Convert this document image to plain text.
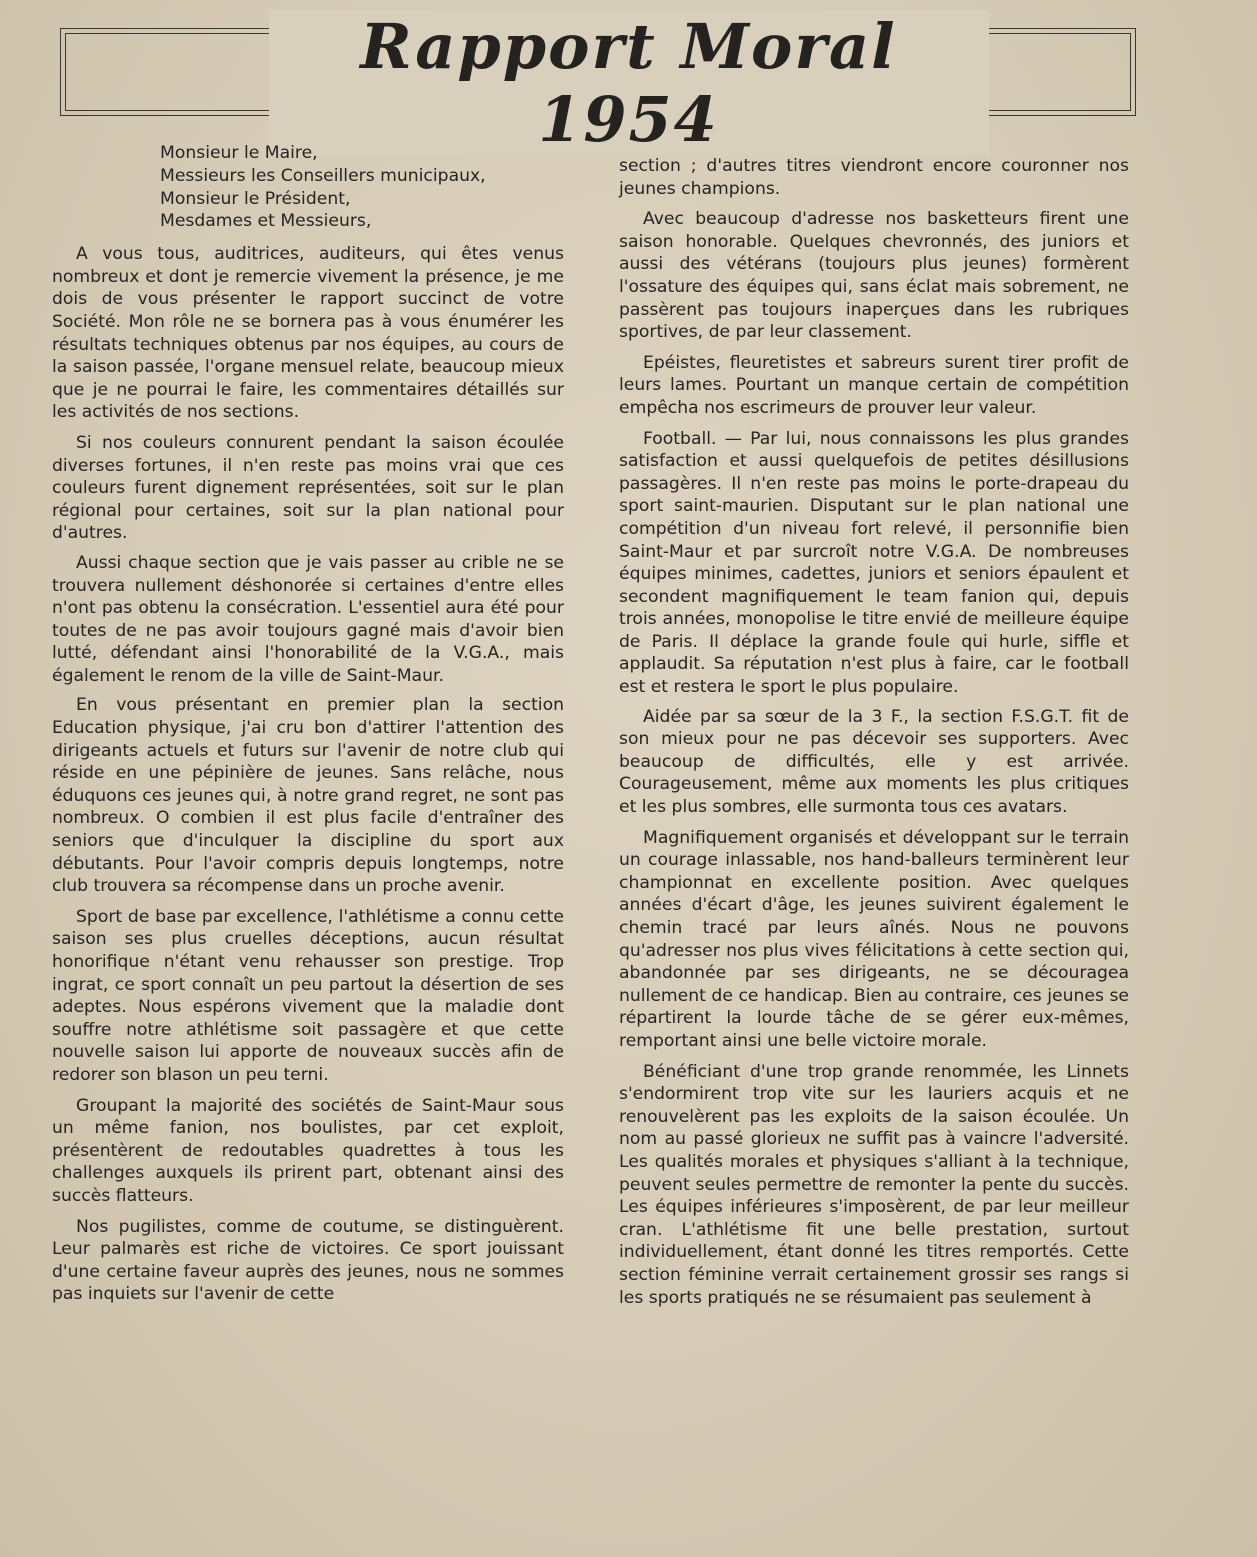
Rapport Moral 1954
Monsieur le Maire,
Messieurs les Conseillers municipaux,
Monsieur le Président,
Mesdames et Messieurs,

A vous tous, auditrices, auditeurs, qui êtes venus nombreux et dont je remercie vivement la présence, je me dois de vous présenter le rapport succinct de votre Société. Mon rôle ne se bornera pas à vous énumérer les résultats techniques obtenus par nos équipes, au cours de la saison passée, l'organe mensuel relate, beaucoup mieux que je ne pourrai le faire, les commentaires détaillés sur les activités de nos sections.

Si nos couleurs connurent pendant la saison écoulée diverses fortunes, il n'en reste pas moins vrai que ces couleurs furent dignement représentées, soit sur le plan régional pour certaines, soit sur la plan national pour d'autres.

Aussi chaque section que je vais passer au crible ne se trouvera nullement déshonorée si certaines d'entre elles n'ont pas obtenu la consécration. L'essentiel aura été pour toutes de ne pas avoir toujours gagné mais d'avoir bien lutté, défendant ainsi l'honorabilité de la V.G.A., mais également le renom de la ville de Saint-Maur.

En vous présentant en premier plan la section Education physique, j'ai cru bon d'attirer l'attention des dirigeants actuels et futurs sur l'avenir de notre club qui réside en une pépinière de jeunes. Sans relâche, nous éduquons ces jeunes qui, à notre grand regret, ne sont pas nombreux. O combien il est plus facile d'entraîner des seniors que d'inculquer la discipline du sport aux débutants. Pour l'avoir compris depuis longtemps, notre club trouvera sa récompense dans un proche avenir.

Sport de base par excellence, l'athlétisme a connu cette saison ses plus cruelles déceptions, aucun résultat honorifique n'étant venu rehausser son prestige. Trop ingrat, ce sport connaît un peu partout la désertion de ses adeptes. Nous espérons vivement que la maladie dont souffre notre athlétisme soit passagère et que cette nouvelle saison lui apporte de nouveaux succès afin de redorer son blason un peu terni.

Groupant la majorité des sociétés de Saint-Maur sous un même fanion, nos boulistes, par cet exploit, présentèrent de redoutables quadrettes à tous les challenges auxquels ils prirent part, obtenant ainsi des succès flatteurs.

Nos pugilistes, comme de coutume, se distinguèrent. Leur palmarès est riche de victoires. Ce sport jouissant d'une certaine faveur auprès des jeunes, nous ne sommes pas inquiets sur l'avenir de cette

section ; d'autres titres viendront encore couronner nos jeunes champions.

Avec beaucoup d'adresse nos basketteurs firent une saison honorable. Quelques chevronnés, des juniors et aussi des vétérans (toujours plus jeunes) formèrent l'ossature des équipes qui, sans éclat mais sobrement, ne passèrent pas toujours inaperçues dans les rubriques sportives, de par leur classement.

Epéistes, fleuretistes et sabreurs surent tirer profit de leurs lames. Pourtant un manque certain de compétition empêcha nos escrimeurs de prouver leur valeur.

Football. — Par lui, nous connaissons les plus grandes satisfaction et aussi quelquefois de petites désillusions passagères. Il n'en reste pas moins le porte-drapeau du sport saint-maurien. Disputant sur le plan national une compétition d'un niveau fort relevé, il personnifie bien Saint-Maur et par surcroît notre V.G.A. De nombreuses équipes minimes, cadettes, juniors et seniors épaulent et secondent magnifiquement le team fanion qui, depuis trois années, monopolise le titre envié de meilleure équipe de Paris. Il déplace la grande foule qui hurle, siffle et applaudit. Sa réputation n'est plus à faire, car le football est et restera le sport le plus populaire.

Aidée par sa sœur de la 3 F., la section F.S.G.T. fit de son mieux pour ne pas décevoir ses supporters. Avec beaucoup de difficultés, elle y est arrivée. Courageusement, même aux moments les plus critiques et les plus sombres, elle surmonta tous ces avatars.

Magnifiquement organisés et développant sur le terrain un courage inlassable, nos hand-balleurs terminèrent leur championnat en excellente position. Avec quelques années d'écart d'âge, les jeunes suivirent également le chemin tracé par leurs aînés. Nous ne pouvons qu'adresser nos plus vives félicitations à cette section qui, abandonnée par ses dirigeants, ne se découragea nullement de ce handicap. Bien au contraire, ces jeunes se répartirent la lourde tâche de se gérer eux-mêmes, remportant ainsi une belle victoire morale.

Bénéficiant d'une trop grande renommée, les Linnets s'endormirent trop vite sur les lauriers acquis et ne renouvelèrent pas les exploits de la saison écoulée. Un nom au passé glorieux ne suffit pas à vaincre l'adversité. Les qualités morales et physiques s'alliant à la technique, peuvent seules permettre de remonter la pente du succès. Les équipes inférieures s'imposèrent, de par leur meilleur cran. L'athlétisme fit une belle prestation, surtout individuellement, étant donné les titres remportés. Cette section féminine verrait certainement grossir ses rangs si les sports pratiqués ne se résumaient pas seulement à
